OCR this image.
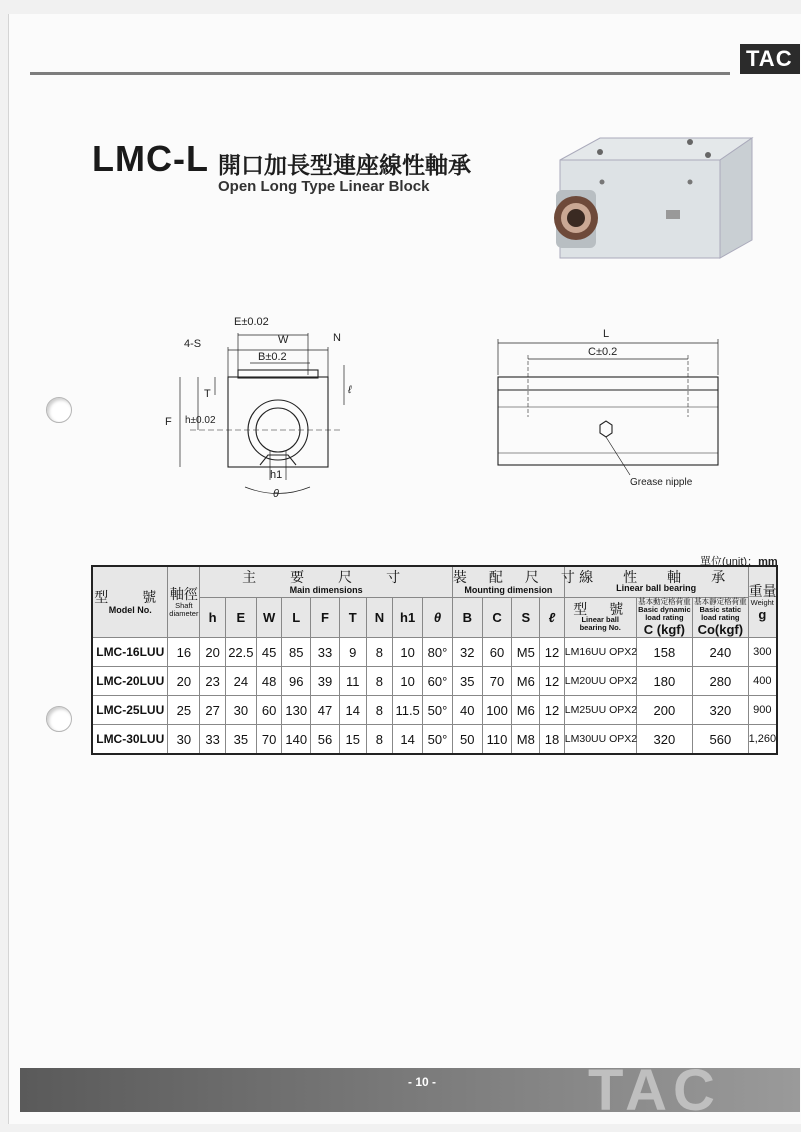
TAC
LMC-L 開口加長型連座線性軸承
Open Long Type Linear Block
E±0.02
W
B±0.2
N
4-S
T	ℓ
F h±0.02
h1
θ
L
C±0.2
Grease nipple
單位(unit)：mm
型　號
Model No.	軸徑
Shaft
diameter	主　要　尺　寸
Main dimensions									裝　配　尺　寸
Mounting dimension				線　性　軸　承
Linear ball bearing			重量
Weight
g
		h	E	W	L	F	T	N	h1	θ	B	C	S	ℓ	型　號
Linear ball
bearing No.	基本動定格荷重
Basic dynamic
load rating
C (kgf)	基本靜定格荷重
Basic static
load rating
Co(kgf)	
LMC-16LUU	16	20	22.5	45	85	33	9	8	10	80°	32	60	M5	12	LM16UU OPX2	158	240	300
LMC-20LUU	20	23	24	48	96	39	11	8	10	60°	35	70	M6	12	LM20UU OPX2	180	280	400
LMC-25LUU	25	27	30	60	130	47	14	8	11.5	50°	40	100	M6	12	LM25UU OPX2	200	320	900
LMC-30LUU	30	33	35	70	140	56	15	8	14	50°	50	110	M8	18	LM30UU OPX2	320	560	1,260
TAC
- 10 -
